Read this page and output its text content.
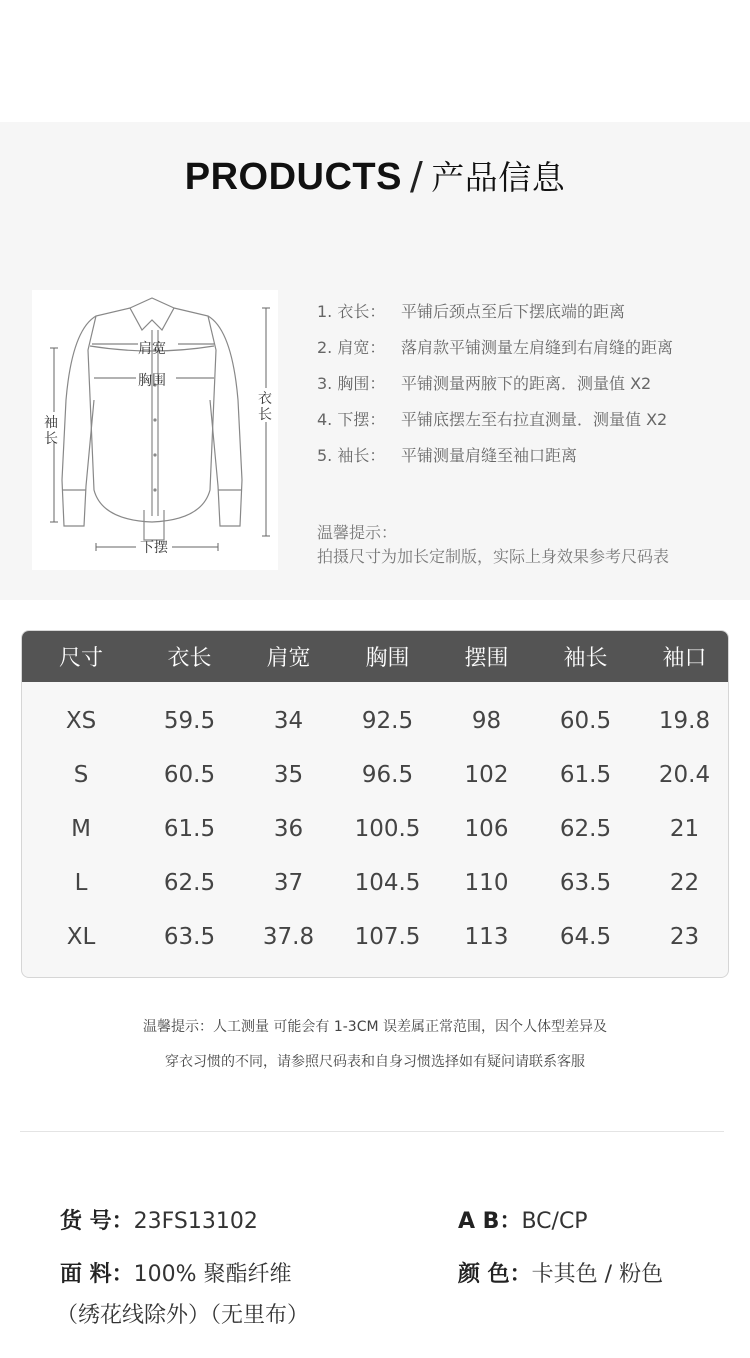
PRODUCTS / 产品信息
肩宽
胸围
袖
长
衣
长
下摆
1. 衣长： 平铺后颈点至后下摆底端的距离
2. 肩宽： 落肩款平铺测量左肩缝到右肩缝的距离
3. 胸围： 平铺测量两腋下的距离．测量值 X2
4. 下摆： 平铺底摆左至右拉直测量．测量值 X2
5. 袖长： 平铺测量肩缝至袖口距离
温馨提示：
拍摄尺寸为加长定制版，实际上身效果参考尺码表
尺寸	衣长	肩宽	胸围	摆围	袖长	袖口
XS	59.5	34	92.5	98	60.5	19.8
S	60.5	35	96.5	102	61.5	20.4
M	61.5	36	100.5	106	62.5	21
L	62.5	37	104.5	110	63.5	22
XL	63.5	37.8	107.5	113	64.5	23
温馨提示：人工测量 可能会有 1-3CM 误差属正常范围，因个人体型差异及
穿衣习惯的不同，请参照尺码表和自身习惯选择如有疑问请联系客服
货 号：23FS13102	A B：BC/CP
面 料：100% 聚酯纤维	颜 色：卡其色 / 粉色
（绣花线除外）（无里布）
